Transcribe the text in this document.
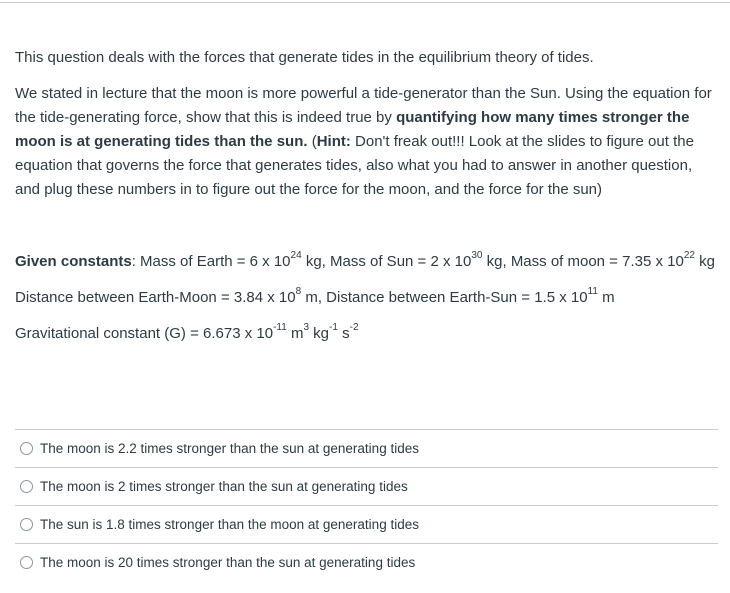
This question deals with the forces that generate tides in the equilibrium theory of tides.

We stated in lecture that the moon is more powerful a tide-generator than the Sun. Using the equation for the tide-generating force, show that this is indeed true by quantifying how many times stronger the moon is at generating tides than the sun. (Hint: Don't freak out!!! Look at the slides to figure out the equation that governs the force that generates tides, also what you had to answer in another question, and plug these numbers in to figure out the force for the moon, and the force for the sun)

Given constants: Mass of Earth = 6 x $10^{24}$ kg, Mass of Sun = 2 x $10^{30}$ kg, Mass of moon = 7.35 x $10^{22}$ kg

Distance between Earth-Moon = 3.84 x $10^8$ m, Distance between Earth-Sun = 1.5 x $10^{11}$ m

Gravitational constant (G) = 6.673 x $10^{-11}$ $m^3$ $kg^{-1}$ $s^{-2}$

The moon is 2.2 times stronger than the sun at generating tides
The moon is 2 times stronger than the sun at generating tides
The sun is 1.8 times stronger than the moon at generating tides
The moon is 20 times stronger than the sun at generating tides
